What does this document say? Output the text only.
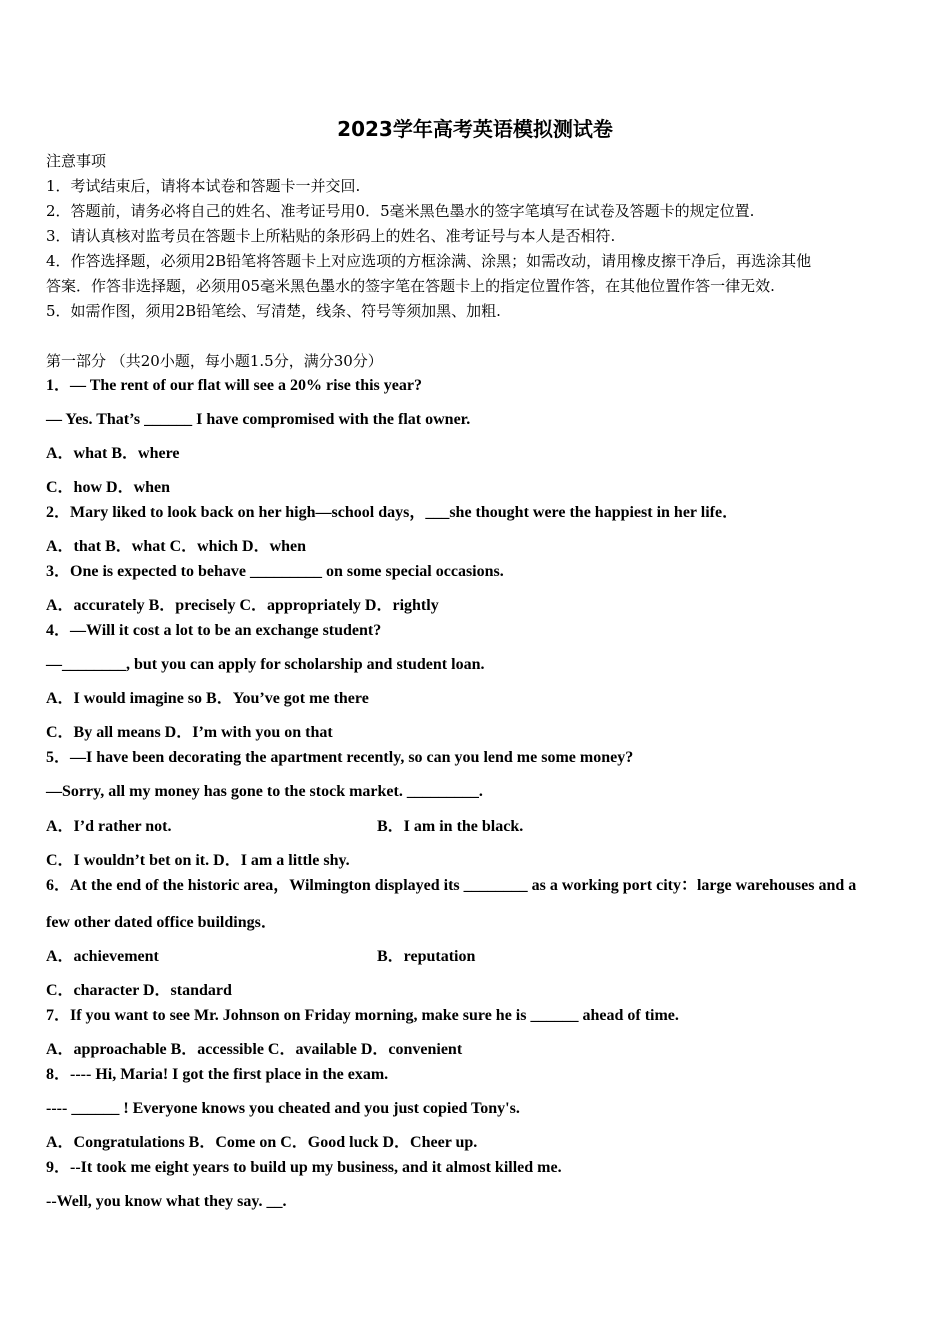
2023学年高考英语模拟测试卷
注意事项
1．考试结束后，请将本试卷和答题卡一并交回.
2．答题前，请务必将自己的姓名、准考证号用0．5毫米黑色墨水的签字笔填写在试卷及答题卡的规定位置.
3．请认真核对监考员在答题卡上所粘贴的条形码上的姓名、准考证号与本人是否相符.
4．作答选择题，必须用2B铅笔将答题卡上对应选项的方框涂满、涂黑；如需改动，请用橡皮擦干净后，再选涂其他
答案．作答非选择题，必须用05毫米黑色墨水的签字笔在答题卡上的指定位置作答，在其他位置作答一律无效.
5．如需作图，须用2B铅笔绘、写清楚，线条、符号等须加黑、加粗.
第一部分 （共20小题，每小题1.5分，满分30分）
1．— The rent of our flat will see a 20% rise this year?
— Yes. That’s ______ I have compromised with the flat owner.
A．what B．where
C．how D．when
2．Mary liked to look back on her high—school days，___she thought were the happiest in her life．
A．that B．what C．which D．when
3．One is expected to behave _________ on some special occasions.
A．accurately B．precisely C．appropriately D．rightly
4．—Will it cost a lot to be an exchange student?
—________, but you can apply for scholarship and student loan.
A．I would imagine so B．You’ve got me there
C．By all means D．I’m with you on that
5．—I have been decorating the apartment recently, so can you lend me some money?
—Sorry, all my money has gone to the stock market. _________.
A．I’d rather not.	B．I am in the black.
C．I wouldn’t bet on it. D．I am a little shy.
6．At the end of the historic area，Wilmington displayed its ________ as a working port city：large warehouses and a
few other dated office buildings．
A．achievement	B．reputation
C．character D．standard
7．If you want to see Mr. Johnson on Friday morning, make sure he is ______ ahead of time.
A．approachable B．accessible C．available D．convenient
8．---- Hi, Maria! I got the first place in the exam.
---- ______ ! Everyone knows you cheated and you just copied Tony's.
A．Congratulations B．Come on C．Good luck D．Cheer up.
9．--It took me eight years to build up my business, and it almost killed me.
--Well, you know what they say. __.
